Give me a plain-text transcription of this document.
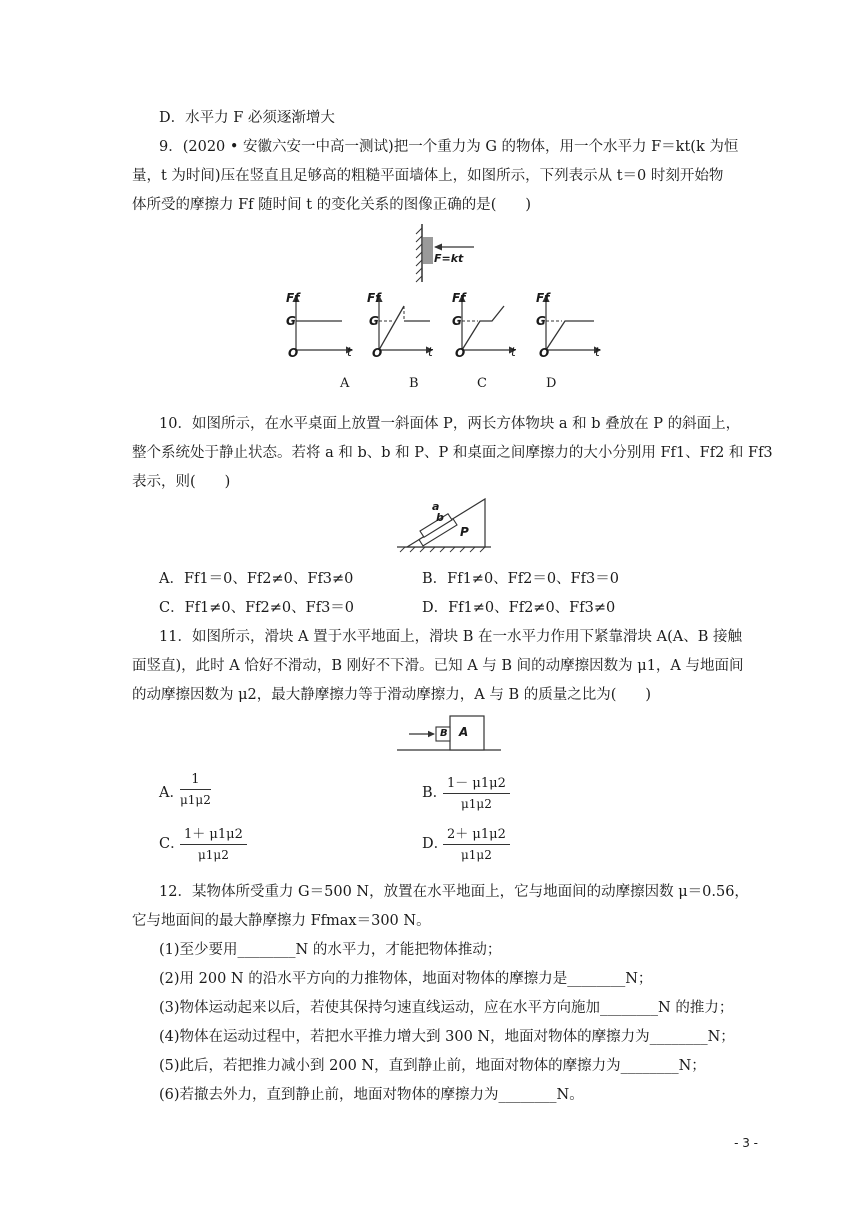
D．水平力 F 必须逐渐增大
9．(2020 • 安徽六安一中高一测试)把一个重力为 G 的物体，用一个水平力 F＝kt(k 为恒
量，t 为时间)压在竖直且足够高的粗糙平面墙体上，如图所示，下列表示从 t＝0 时刻开始物
体所受的摩擦力 Ff 随时间 t 的变化关系的图像正确的是(　　)
F=kt
Ff
G
O	t
Ff
G
O	t
Ff
G
O	t
Ff
G
O	t
A	B	C	D
10．如图所示，在水平桌面上放置一斜面体 P，两长方体物块 a 和 b 叠放在 P 的斜面上，
整个系统处于静止状态。若将 a 和 b、b 和 P、P 和桌面之间摩擦力的大小分别用 Ff1、Ff2 和 Ff3
表示，则(　　)
a
b
P
A．Ff1＝0、Ff2≠0、Ff3≠0	B．Ff1≠0、Ff2＝0、Ff3＝0
C．Ff1≠0、Ff2≠0、Ff3＝0	D．Ff1≠0、Ff2≠0、Ff3≠0
11．如图所示，滑块 A 置于水平地面上，滑块 B 在一水平力作用下紧靠滑块 A(A、B 接触
面竖直)，此时 A 恰好不滑动，B 刚好不下滑。已知 A 与 B 间的动摩擦因数为 μ1，A 与地面间
的动摩擦因数为 μ2，最大静摩擦力等于滑动摩擦力，A 与 B 的质量之比为(　　)
B A
A．
$\frac{1}{\mu 1\mu 2}$	B．
$\frac{1- \mu 1\mu 2}{\mu 1\mu 2}$
C．
$\frac{1+ \mu 1\mu 2}{\mu 1\mu 2}$	D．
$\frac{2+ \mu 1\mu 2}{\mu 1\mu 2}$
12．某物体所受重力 G＝500 N，放置在水平地面上，它与地面间的动摩擦因数 μ＝0.56，
它与地面间的最大静摩擦力 Ffmax＝300 N。
(1)至少要用________N 的水平力，才能把物体推动；
(2)用 200 N 的沿水平方向的力推物体，地面对物体的摩擦力是________N；
(3)物体运动起来以后，若使其保持匀速直线运动，应在水平方向施加________N 的推力；
(4)物体在运动过程中，若把水平推力增大到 300 N，地面对物体的摩擦力为________N；
(5)此后，若把推力减小到 200 N，直到静止前，地面对物体的摩擦力为________N；
(6)若撤去外力，直到静止前，地面对物体的摩擦力为________N。
- 3 -
